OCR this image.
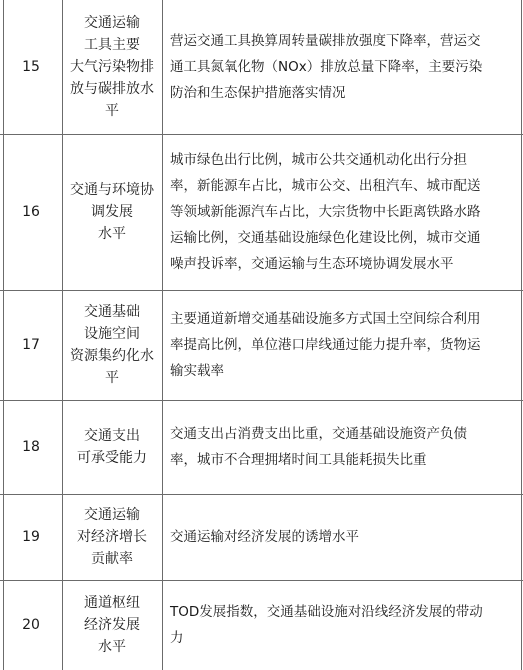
15
交通运输
工具主要
大气污染物排
放与碳排放水
平
营运交通工具换算周转量碳排放强度下降率，营运交
通工具氮氧化物（NOx）排放总量下降率，主要污染
防治和生态保护措施落实情况
16
交通与环境协
调发展
水平
城市绿色出行比例，城市公共交通机动化出行分担
率，新能源车占比，城市公交、出租汽车、城市配送
等领域新能源汽车占比，大宗货物中长距离铁路水路
运输比例，交通基础设施绿色化建设比例，城市交通
噪声投诉率，交通运输与生态环境协调发展水平
17
交通基础
设施空间
资源集约化水
平
主要通道新增交通基础设施多方式国土空间综合利用
率提高比例，单位港口岸线通过能力提升率，货物运
输实载率
18
交通支出
可承受能力
交通支出占消费支出比重，交通基础设施资产负债
率，城市不合理拥堵时间工具能耗损失比重
19
交通运输
对经济增长
贡献率
交通运输对经济发展的诱增水平
20
通道枢纽
经济发展
水平
TOD发展指数，交通基础设施对沿线经济发展的带动
力
